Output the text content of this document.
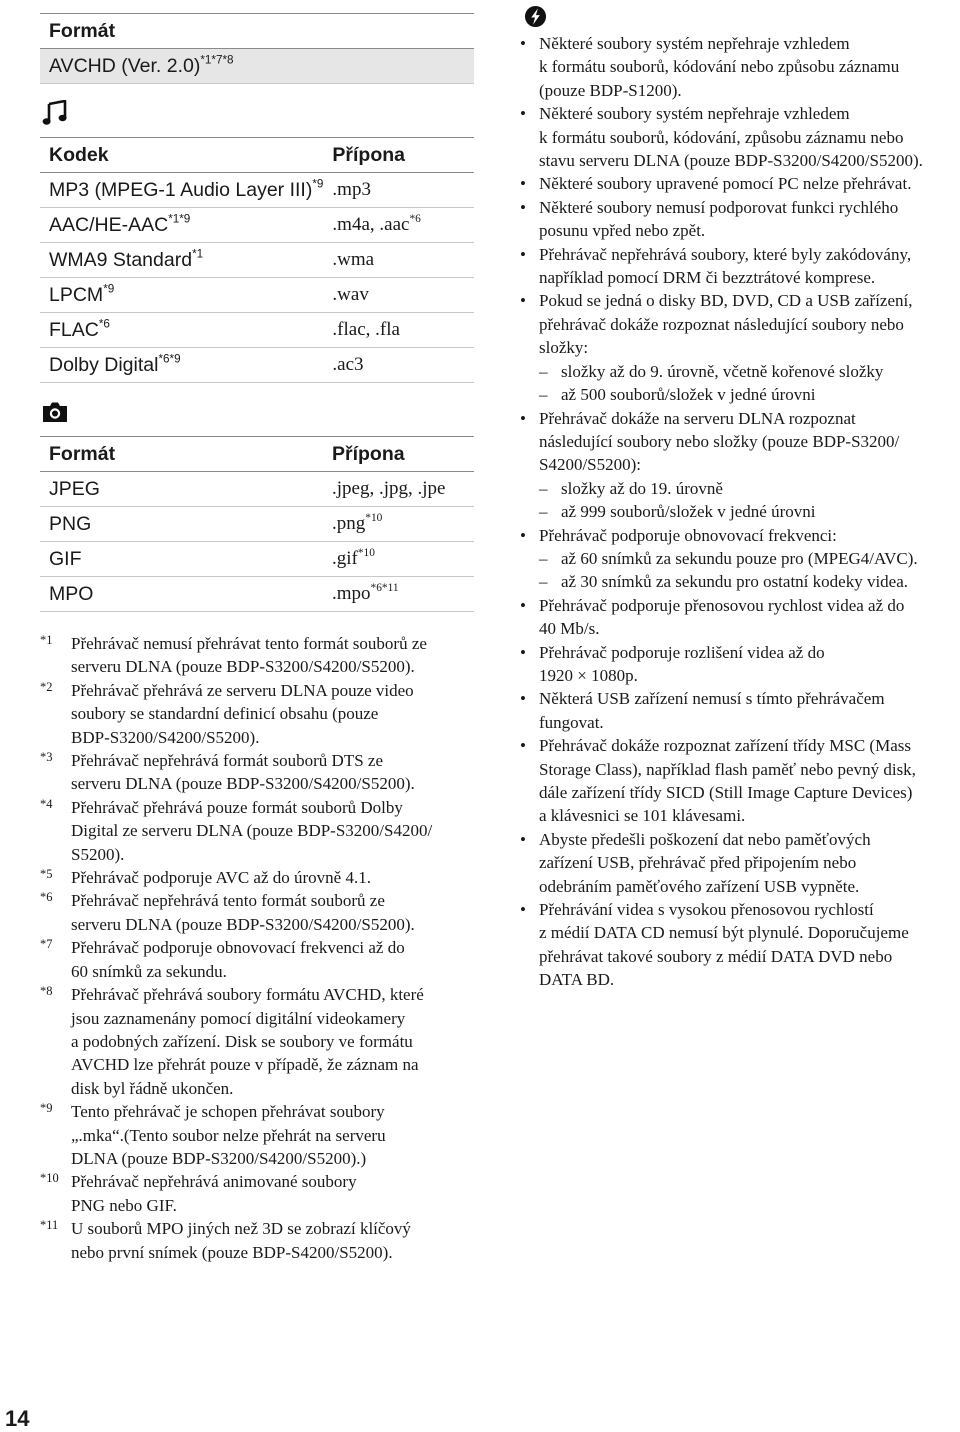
Formát
AVCHD (Ver. 2.0)$^{*1*7*8}$
Kodek	Přípona
MP3 (MPEG-1 Audio Layer III)$^{*9}$	.mp3
AAC/$HE-AAC^{*1*9}$	.m4a, .aac$^{*6}$
WMA9 Standard$^{*1}$	.wma
LPCM$^{*9}$	.wav
FLAC$^{*6}$	.flac, .fla
Dolby Digital$^{*6*9}$	.ac3
Formát	Přípona
JPEG	.jpeg, .jpg, .jpe
PNG	.png$^{*10}$
GIF	.gif$^{*10}$
MPO	.mpo$^{*6*11}$
*1 Přehrávač nemusí přehrávat tento formát souborů ze
serveru DLNA (pouze BDP-S3200/S4200/S5200).
*2 Přehrávač přehrává ze serveru DLNA pouze video
soubory se standardní definicí obsahu (pouze
BDP-S3200/S4200/S5200).
*3 Přehrávač nepřehrává formát souborů DTS ze
serveru DLNA (pouze BDP-S3200/S4200/S5200).
*4 Přehrávač přehrává pouze formát souborů Dolby
Digital ze serveru DLNA (pouze BDP-S3200/S4200/
S5200).
*5 Přehrávač podporuje AVC až do úrovně 4.1.
*6 Přehrávač nepřehrává tento formát souborů ze
serveru DLNA (pouze BDP-S3200/S4200/S5200).
*7 Přehrávač podporuje obnovovací frekvenci až do
60 snímků za sekundu.
*8 Přehrávač přehrává soubory formátu AVCHD, které
jsou zaznamenány pomocí digitální videokamery
a podobných zařízení. Disk se soubory ve formátu
AVCHD lze přehrát pouze v případě, že záznam na
disk byl řádně ukončen.
*9 Tento přehrávač je schopen přehrávat soubory
„.mka“.(Tento soubor nelze přehrát na serveru
DLNA (pouze BDP-S3200/S4200/S5200).)
*10 Přehrávač nepřehrává animované soubory
PNG nebo GIF.
*11 U souborů MPO jiných než 3D se zobrazí klíčový
nebo první snímek (pouze BDP-S4200/S5200).
• Některé soubory systém nepřehraje vzhledem
k formátu souborů, kódování nebo způsobu záznamu
(pouze BDP-S1200).
• Některé soubory systém nepřehraje vzhledem
k formátu souborů, kódování, způsobu záznamu nebo
stavu serveru DLNA (pouze BDP-S3200/S4200/S5200).
• Některé soubory upravené pomocí PC nelze přehrávat.
• Některé soubory nemusí podporovat funkci rychlého
posunu vpřed nebo zpět.
• Přehrávač nepřehrává soubory, které byly zakódovány,
například pomocí DRM či bezztrátové komprese.
• Pokud se jedná o disky BD, DVD, CD a USB zařízení,
přehrávač dokáže rozpoznat následující soubory nebo
složky:
– složky až do 9. úrovně, včetně kořenové složky
– až 500 souborů/složek v jedné úrovni
• Přehrávač dokáže na serveru DLNA rozpoznat
následující soubory nebo složky (pouze BDP-S3200/
S4200/S5200):
– složky až do 19. úrovně
– až 999 souborů/složek v jedné úrovni
• Přehrávač podporuje obnovovací frekvenci:
– až 60 snímků za sekundu pouze pro (MPEG4/AVC).
– až 30 snímků za sekundu pro ostatní kodeky videa.
• Přehrávač podporuje přenosovou rychlost videa až do
40 Mb/s.
• Přehrávač podporuje rozlišení videa až do
1920 × 1080p.
• Některá USB zařízení nemusí s tímto přehrávačem
fungovat.
• Přehrávač dokáže rozpoznat zařízení třídy MSC (Mass
Storage Class), například flash paměť nebo pevný disk,
dále zařízení třídy SICD (Still Image Capture Devices)
a klávesnici se 101 klávesami.
• Abyste předešli poškození dat nebo paměťových
zařízení USB, přehrávač před připojením nebo
odebráním paměťového zařízení USB vypněte.
• Přehrávání videa s vysokou přenosovou rychlostí
z médií DATA CD nemusí být plynulé. Doporučujeme
přehrávat takové soubory z médií DATA DVD nebo
DATA BD.
14
